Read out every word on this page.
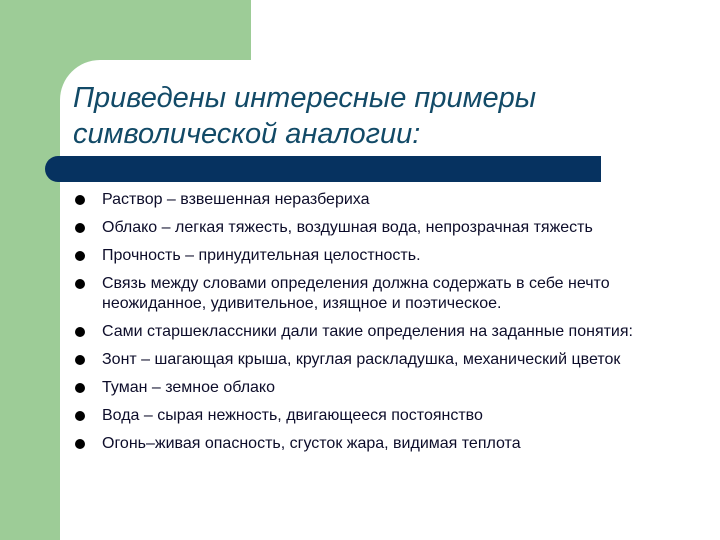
Приведены интересные примеры символической аналогии:
Раствор – взвешенная неразбериха
Облако – легкая тяжесть, воздушная вода, непрозрачная тяжесть
Прочность – принудительная целостность.
Связь между словами определения должна содержать в себе нечто неожиданное, удивительное, изящное и поэтическое.
Сами старшеклассники дали такие определения на заданные понятия:
Зонт – шагающая крыша, круглая раскладушка, механический цветок
Туман – земное облако
Вода – сырая нежность, двигающееся постоянство
Огонь–живая опасность, сгусток жара, видимая теплота
